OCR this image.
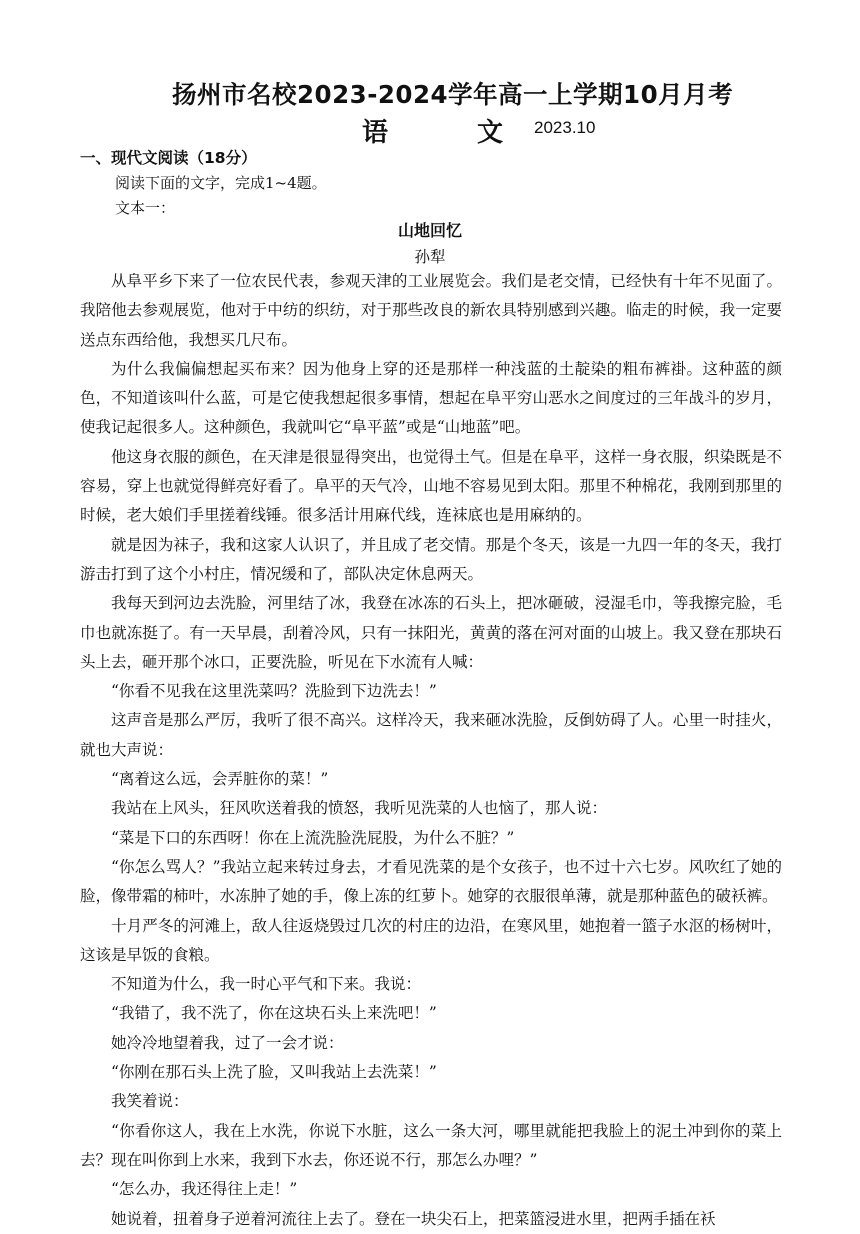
扬州市名校2023-2024学年高一上学期10月月考
语 文
2023.10
一、现代文阅读（18分）
阅读下面的文字，完成1~4题。
文本一：
山地回忆
孙犁

从阜平乡下来了一位农民代表，参观天津的工业展览会。我们是老交情，已经快有十年不见面了。我陪他去参观展览，他对于中纺的织纺，对于那些改良的新农具特别感到兴趣。临走的时候，我一定要送点东西给他，我想买几尺布。

为什么我偏偏想起买布来？因为他身上穿的还是那样一种浅蓝的土靛染的粗布裤褂。这种蓝的颜色，不知道该叫什么蓝，可是它使我想起很多事情，想起在阜平穷山恶水之间度过的三年战斗的岁月，使我记起很多人。这种颜色，我就叫它“阜平蓝”或是“山地蓝”吧。

他这身衣服的颜色，在天津是很显得突出，也觉得土气。但是在阜平，这样一身衣服，织染既是不容易，穿上也就觉得鲜亮好看了。阜平的天气冷，山地不容易见到太阳。那里不种棉花，我刚到那里的时候，老大娘们手里搓着线锤。很多活计用麻代线，连袜底也是用麻纳的。

就是因为袜子，我和这家人认识了，并且成了老交情。那是个冬天，该是一九四一年的冬天，我打游击打到了这个小村庄，情况缓和了，部队决定休息两天。

我每天到河边去洗脸，河里结了冰，我登在冰冻的石头上，把冰砸破，浸湿毛巾，等我擦完脸，毛巾也就冻挺了。有一天早晨，刮着冷风，只有一抹阳光，黄黄的落在河对面的山坡上。我又登在那块石头上去，砸开那个冰口，正要洗脸，听见在下水流有人喊：

“你看不见我在这里洗菜吗？洗脸到下边洗去！”

这声音是那么严厉，我听了很不高兴。这样冷天，我来砸冰洗脸，反倒妨碍了人。心里一时挂火，就也大声说：

“离着这么远，会弄脏你的菜！”

我站在上风头，狂风吹送着我的愤怒，我听见洗菜的人也恼了，那人说：

“菜是下口的东西呀！你在上流洗脸洗屁股，为什么不脏？”

“你怎么骂人？”我站立起来转过身去，才看见洗菜的是个女孩子，也不过十六七岁。风吹红了她的脸，像带霜的柿叶，水冻肿了她的手，像上冻的红萝卜。她穿的衣服很单薄，就是那种蓝色的破袄裤。

十月严冬的河滩上，敌人往返烧毁过几次的村庄的边沿，在寒风里，她抱着一篮子水沤的杨树叶，这该是早饭的食粮。

不知道为什么，我一时心平气和下来。我说：

“我错了，我不洗了，你在这块石头上来洗吧！”

她冷冷地望着我，过了一会才说：

“你刚在那石头上洗了脸，又叫我站上去洗菜！”

我笑着说：

“你看你这人，我在上水洗，你说下水脏，这么一条大河，哪里就能把我脸上的泥土冲到你的菜上去？现在叫你到上水来，我到下水去，你还说不行，那怎么办哩？”

“怎么办，我还得往上走！”

她说着，扭着身子逆着河流往上去了。登在一块尖石上，把菜篮浸进水里，把两手插在袄
